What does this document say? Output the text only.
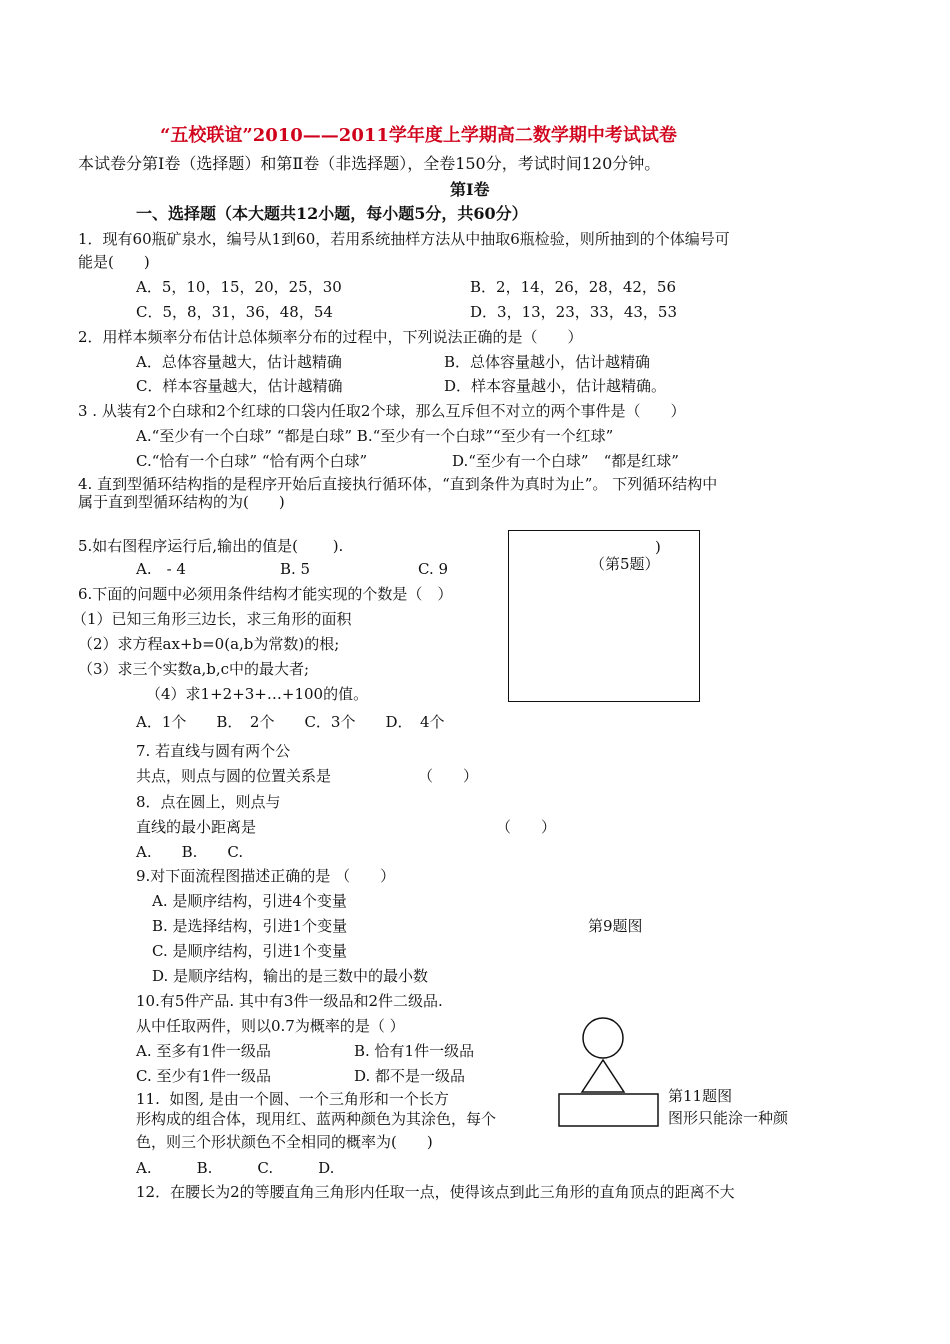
“五校联谊”2010——2011学年度上学期高二数学期中考试试卷
本试卷分第Ⅰ卷（选择题）和第Ⅱ卷（非选择题），全卷150分，考试时间120分钟。
第Ⅰ卷
一、选择题（本大题共12小题，每小题5分，共60分）
1．现有60瓶矿泉水，编号从1到60，若用系统抽样方法从中抽取6瓶检验，则所抽到的个体编号可
能是(　　)
A．5，10，15，20，25，30	B．2，14，26，28，42，56
C．5，8，31，36，48，54	D．3，13，23，33，43，53
2．用样本频率分布估计总体频率分布的过程中，下列说法正确的是（　　）
A．总体容量越大，估计越精确	B．总体容量越小，估计越精确
C．样本容量越大，估计越精确	D．样本容量越小，估计越精确。
3 . 从装有2个白球和2个红球的口袋内任取2个球，那么互斥但不对立的两个事件是（　　）
A.“至少有一个白球” “都是白球” B.“至少有一个白球”“至少有一个红球”
C.“恰有一个白球” “恰有两个白球”	D.“至少有一个白球”　“都是红球”
4. 直到型循环结构指的是程序开始后直接执行循环体，“直到条件为真时为止”。 下列循环结构中
属于直到型循环结构的为(　　)
)
（第5题）
5.如右图程序运行后,输出的值是(　　 ).
A.　- 4	B. 5	C. 9
6.下面的问题中必须用条件结构才能实现的个数是（　）
（1）已知三角形三边长，求三角形的面积
（2）求方程ax+b=0(a,b为常数)的根;
（3）求三个实数a,b,c中的最大者;
（4）求1+2+3+…+100的值。
A．1个　　B．　2个　　C．3个　　D．　4个
7. 若直线与圆有两个公
共点，则点与圆的位置关系是	（　　）
8．点在圆上，则点与
直线的最小距离是	（　　）
A.　　B.　　C.
9.对下面流程图描述正确的是 （　　）
A. 是顺序结构，引进4个变量
B. 是选择结构，引进1个变量	第9题图
C. 是顺序结构，引进1个变量
D. 是顺序结构，输出的是三数中的最小数
10.有5件产品. 其中有3件一级品和2件二级品.
从中任取两件，则以0.7为概率的是（ ）
A. 至多有1件一级品	B. 恰有1件一级品
C. 至少有1件一级品	D. 都不是一级品
第11题图
图形只能涂一种颜
11.  如图, 是由一个圆、一个三角形和一个长方
形构成的组合体，现用红、蓝两种颜色为其涂色，每个
色，则三个形状颜色不全相同的概率为(　　)
A.　　　B.　　　C.　　　D.
12．在腰长为2的等腰直角三角形内任取一点，使得该点到此三角形的直角顶点的距离不大
